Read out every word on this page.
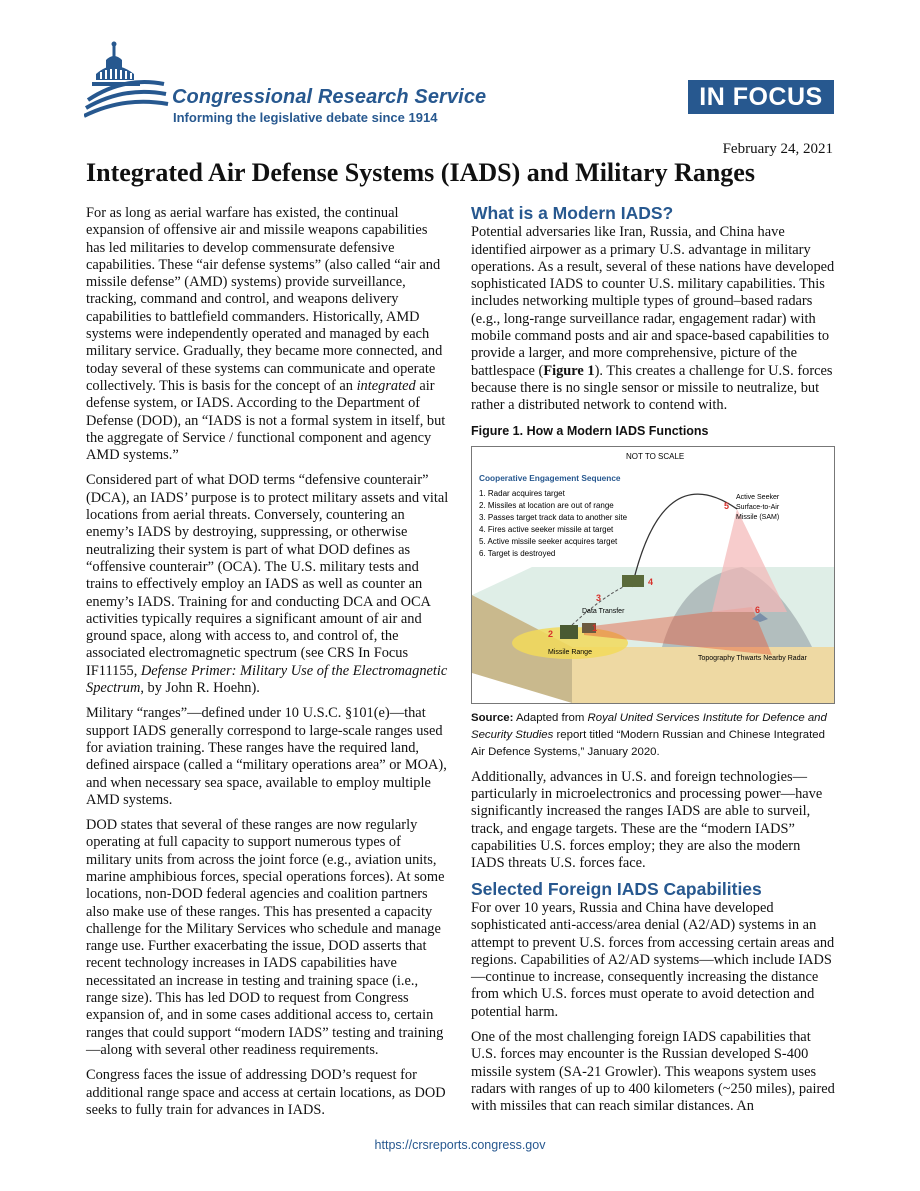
Congressional Research Service
Informing the legislative debate since 1914
IN FOCUS
February 24, 2021
Integrated Air Defense Systems (IADS) and Military Ranges

For as long as aerial warfare has existed, the continual expansion of offensive air and missile weapons capabilities has led militaries to develop commensurate defensive capabilities. These “air defense systems” (also called “air and missile defense” (AMD) systems) provide surveillance, tracking, command and control, and weapons delivery capabilities to battlefield commanders. Historically, AMD systems were independently operated and managed by each military service. Gradually, they became more connected, and today several of these systems can communicate and operate collectively. This is basis for the concept of an integrated air defense system, or IADS. According to the Department of Defense (DOD), an “IADS is not a formal system in itself, but the aggregate of Service / functional component and agency AMD systems.”

Considered part of what DOD terms “defensive counterair” (DCA), an IADS’ purpose is to protect military assets and vital locations from aerial threats. Conversely, countering an enemy’s IADS by destroying, suppressing, or otherwise neutralizing their system is part of what DOD defines as “offensive counterair” (OCA). The U.S. military tests and trains to effectively employ an IADS as well as counter an enemy’s IADS. Training for and conducting DCA and OCA activities typically requires a significant amount of air and ground space, along with access to, and control of, the associated electromagnetic spectrum (see CRS In Focus IF11155, Defense Primer: Military Use of the Electromagnetic Spectrum, by John R. Hoehn).

Military “ranges”—defined under 10 U.S.C. §101(e)—that support IADS generally correspond to large-scale ranges used for aviation training. These ranges have the required land, defined airspace (called a “military operations area” or MOA), and when necessary sea space, available to employ multiple AMD systems.

DOD states that several of these ranges are now regularly operating at full capacity to support numerous types of military units from across the joint force (e.g., aviation units, marine amphibious forces, special operations forces). At some locations, non-DOD federal agencies and coalition partners also make use of these ranges. This has presented a capacity challenge for the Military Services who schedule and manage range use. Further exacerbating the issue, DOD asserts that recent technology increases in IADS capabilities have necessitated an increase in testing and training space (i.e., range size). This has led DOD to request from Congress expansion of, and in some cases additional access to, certain ranges that could support “modern IADS” testing and training—along with several other readiness requirements.

Congress faces the issue of addressing DOD’s request for additional range space and access at certain locations, as DOD seeks to fully train for advances in IADS.

What is a Modern IADS?

Potential adversaries like Iran, Russia, and China have identified airpower as a primary U.S. advantage in military operations. As a result, several of these nations have developed sophisticated IADS to counter U.S. military capabilities. This includes networking multiple types of ground–based radars (e.g., long-range surveillance radar, engagement radar) with mobile command posts and air and space-based capabilities to provide a larger, and more comprehensive, picture of the battlespace (Figure 1). This creates a challenge for U.S. forces because there is no single sensor or missile to neutralize, but rather a distributed network to contend with.

Figure 1. How a Modern IADS Functions
NOT TO SCALE
Cooperative Engagement Sequence
1. Radar acquires target
2. Missiles at location are out of range
3. Passes target track data to another site
4. Fires active seeker missile at target
5. Active missile seeker acquires target
6. Target is destroyed
Active Seeker
Surface-to-Air
Missile (SAM)
Data Transfer
Missile Range
Topography Thwarts Nearby Radar
1
2
3
4
5
6

Source: Adapted from Royal United Services Institute for Defence and Security Studies report titled “Modern Russian and Chinese Integrated Air Defence Systems,” January 2020.

Additionally, advances in U.S. and foreign technologies—particularly in microelectronics and processing power—have significantly increased the ranges IADS are able to surveil, track, and engage targets. These are the “modern IADS” capabilities U.S. forces employ; they are also the modern IADS threats U.S. forces face.

Selected Foreign IADS Capabilities

For over 10 years, Russia and China have developed sophisticated anti-access/area denial (A2/AD) systems in an attempt to prevent U.S. forces from accessing certain areas and regions. Capabilities of A2/AD systems—which include IADS—continue to increase, consequently increasing the distance from which U.S. forces must operate to avoid detection and potential harm.

One of the most challenging foreign IADS capabilities that U.S. forces may encounter is the Russian developed S-400 missile system (SA-21 Growler). This weapons system uses radars with ranges of up to 400 kilometers (~250 miles), paired with missiles that can reach similar distances. An

https://crsreports.congress.gov
